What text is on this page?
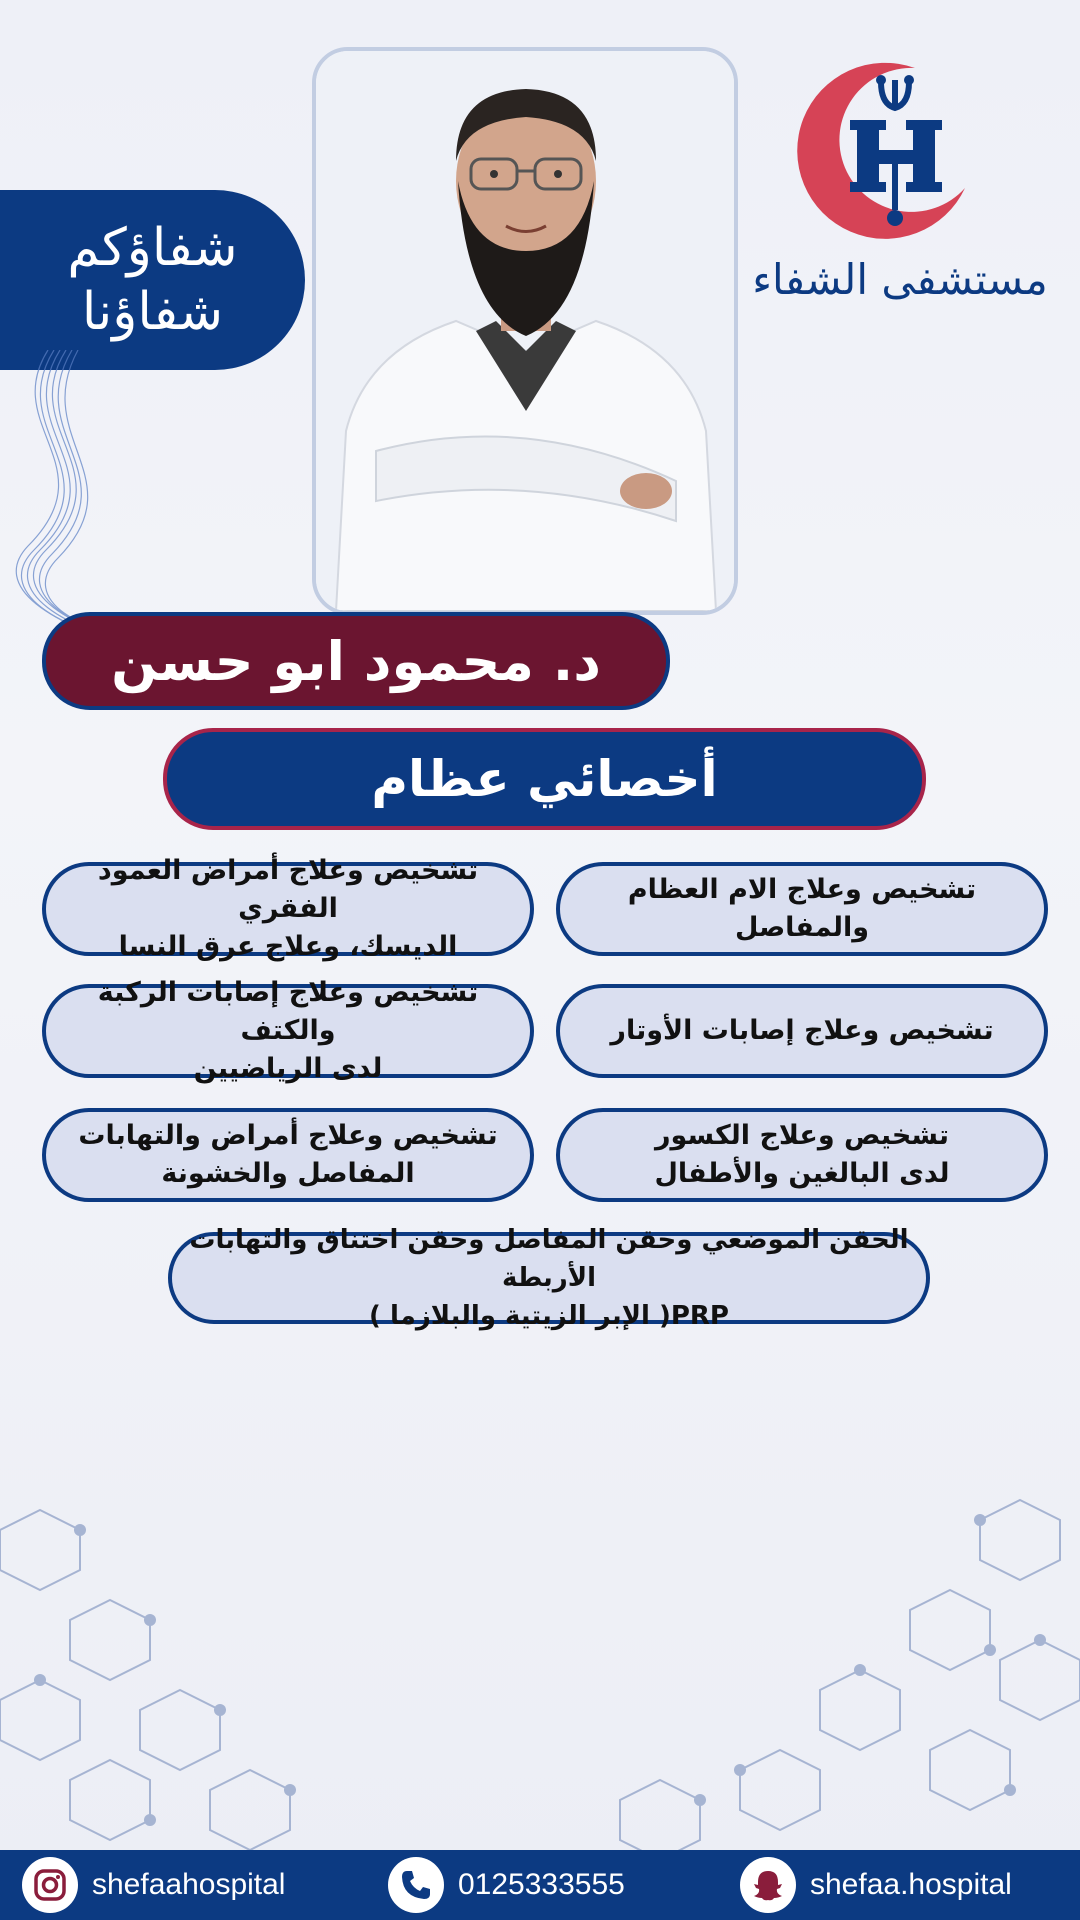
مستشفى الشفاء
شفاؤكم
شفاؤنا
د. محمود ابو حسن
أخصائي عظام
تشخيص وعلاج الام العظام والمفاصل
تشخيص وعلاج أمراض العمود الفقري
الديسك، وعلاج عرق النسا
تشخيص وعلاج إصابات الأوتار
تشخيص وعلاج إصابات الركبة والكتف
لدى الرياضيين
تشخيص وعلاج الكسور
لدى البالغين والأطفال
تشخيص وعلاج أمراض والتهابات
المفاصل والخشونة
الحقن الموضعي وحقن المفاصل وحقن اختناق والتهابات الأربطة
PRP( الإبر الزيتية والبلازما )
shefaahospital	0125333555	shefaa.hospital
